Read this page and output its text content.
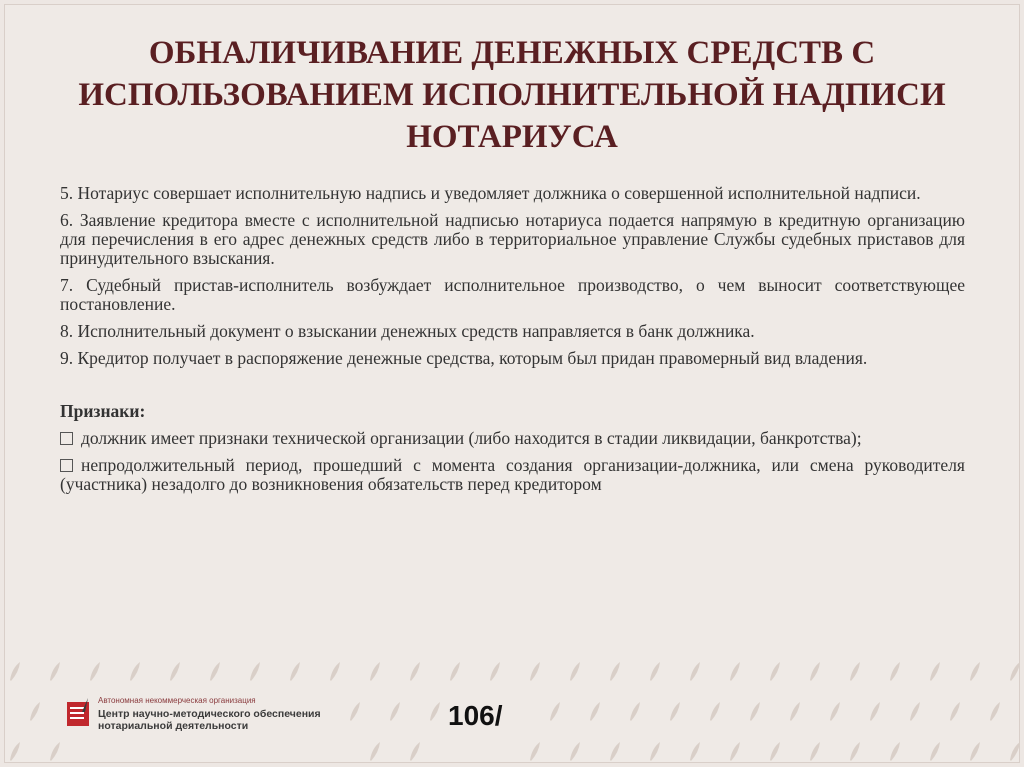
ОБНАЛИЧИВАНИЕ ДЕНЕЖНЫХ СРЕДСТВ С
ИСПОЛЬЗОВАНИЕМ ИСПОЛНИТЕЛЬНОЙ НАДПИСИ
НОТАРИУСА

5. Нотариус совершает исполнительную надпись и уведомляет должника о совершенной исполнительной надписи.

6. Заявление кредитора вместе с исполнительной надписью нотариуса подается напрямую в кредитную организацию для перечисления в его адрес денежных средств либо в территориальное управление Службы судебных приставов для принудительного взыскания.

7. Судебный пристав-исполнитель возбуждает исполнительное производство, о чем выносит соответствующее постановление.

8. Исполнительный документ о взыскании денежных средств направляется в банк должника.

9. Кредитор получает в распоряжение денежные средства, которым был придан правомерный вид владения.

Признаки:

должник имеет признаки технической организации (либо находится в стадии ликвидации, банкротства);

непродолжительный период, прошедший с момента создания организации-должника, или смена руководителя (участника) незадолго до возникновения обязательств перед кредитором

Автономная некоммерческая организация
Центр научно-методического обеспечения
нотариальной деятельности	106/
